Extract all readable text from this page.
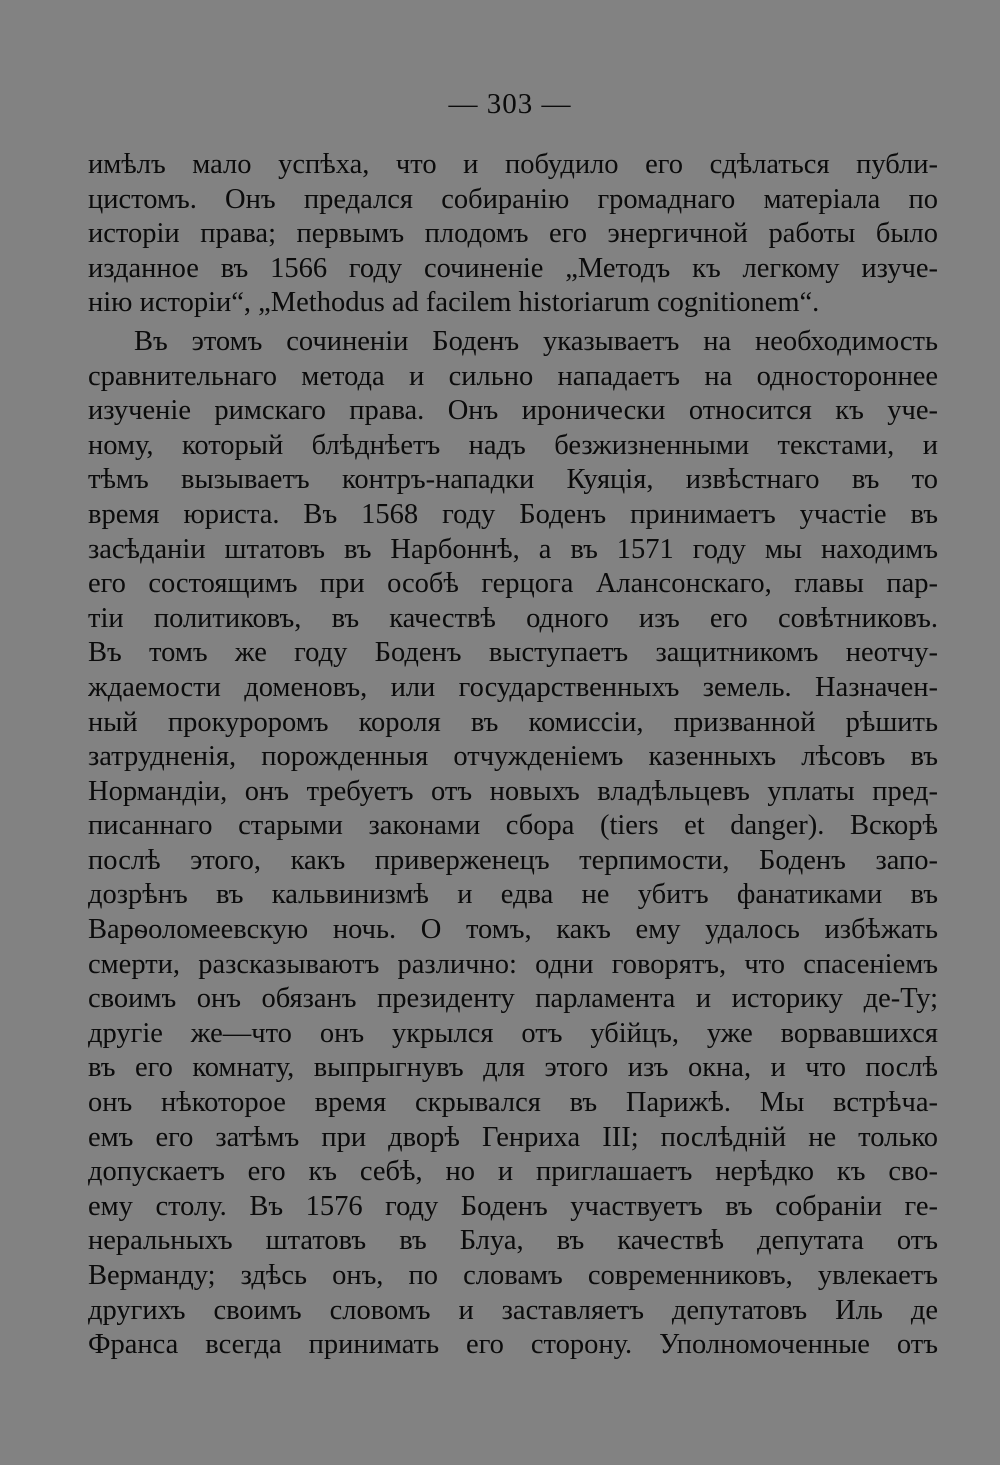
— 303 —
имѣлъ мало успѣха, что и побудило его сдѣлаться публи-
цистомъ. Онъ предался собиранію громаднаго матеріала по
исторіи права; первымъ плодомъ его энергичной работы было
изданное въ 1566 году сочиненіе „Методъ къ легкому изуче-
нію исторіи“, „Methodus ad facilem historiarum cognitionem“.
Въ этомъ сочиненіи Боденъ указываетъ на необходимость
сравнительнаго метода и сильно нападаетъ на одностороннее
изученіе римскаго права. Онъ иронически относится къ уче-
ному, который блѣднѣетъ надъ безжизненными текстами, и
тѣмъ вызываетъ контръ-нападки Куяція, извѣстнаго въ то
время юриста. Въ 1568 году Боденъ принимаетъ участіе въ
засѣданіи штатовъ въ Нарбоннѣ, а въ 1571 году мы находимъ
его состоящимъ при особѣ герцога Алансонскаго, главы пар-
тіи политиковъ, въ качествѣ одного изъ его совѣтниковъ.
Въ томъ же году Боденъ выступаетъ защитникомъ неотчу-
ждаемости доменовъ, или государственныхъ земель. Назначен-
ный прокуроромъ короля въ комиссіи, призванной рѣшить
затрудненія, порожденныя отчужденіемъ казенныхъ лѣсовъ въ
Нормандіи, онъ требуетъ отъ новыхъ владѣльцевъ уплаты пред-
писаннаго старыми законами сбора (tiers et danger). Вскорѣ
послѣ этого, какъ приверженецъ терпимости, Боденъ запо-
дозрѣнъ въ кальвинизмѣ и едва не убитъ фанатиками въ
Варѳоломеевскую ночь. О томъ, какъ ему удалось избѣжать
смерти, разсказываютъ различно: одни говорятъ, что спасеніемъ
своимъ онъ обязанъ президенту парламента и историку де-Ту;
другіе же—что онъ укрылся отъ убійцъ, уже ворвавшихся
въ его комнату, выпрыгнувъ для этого изъ окна, и что послѣ
онъ нѣкоторое время скрывался въ Парижѣ. Мы встрѣча-
емъ его затѣмъ при дворѣ Генриха III; послѣдній не только
допускаетъ его къ себѣ, но и приглашаетъ нерѣдко къ сво-
ему столу. Въ 1576 году Боденъ участвуетъ въ собраніи ге-
неральныхъ штатовъ въ Блуа, въ качествѣ депутата отъ
Верманду; здѣсь онъ, по словамъ современниковъ, увлекаетъ
другихъ своимъ словомъ и заставляетъ депутатовъ Иль де
Франса всегда принимать его сторону. Уполномоченные отъ
